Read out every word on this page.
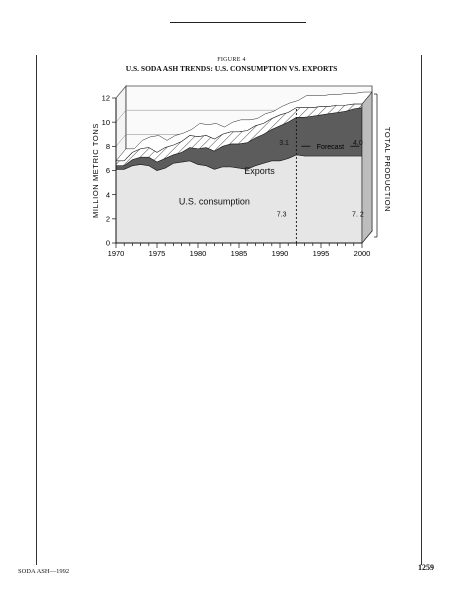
FIGURE 4
U.S. SODA ASH TRENDS: U.S. CONSUMPTION VS. EXPORTS
1970	1975	1980	1985	1990	1995	2000
0
2
4
6
8
10
12
MILLION METRIC TONS	TOTAL PRODUCTION
Forecast
Exports
U.S. consumption
3.1	4.0
7.3	7. 2
SODA ASH—1992	1259
